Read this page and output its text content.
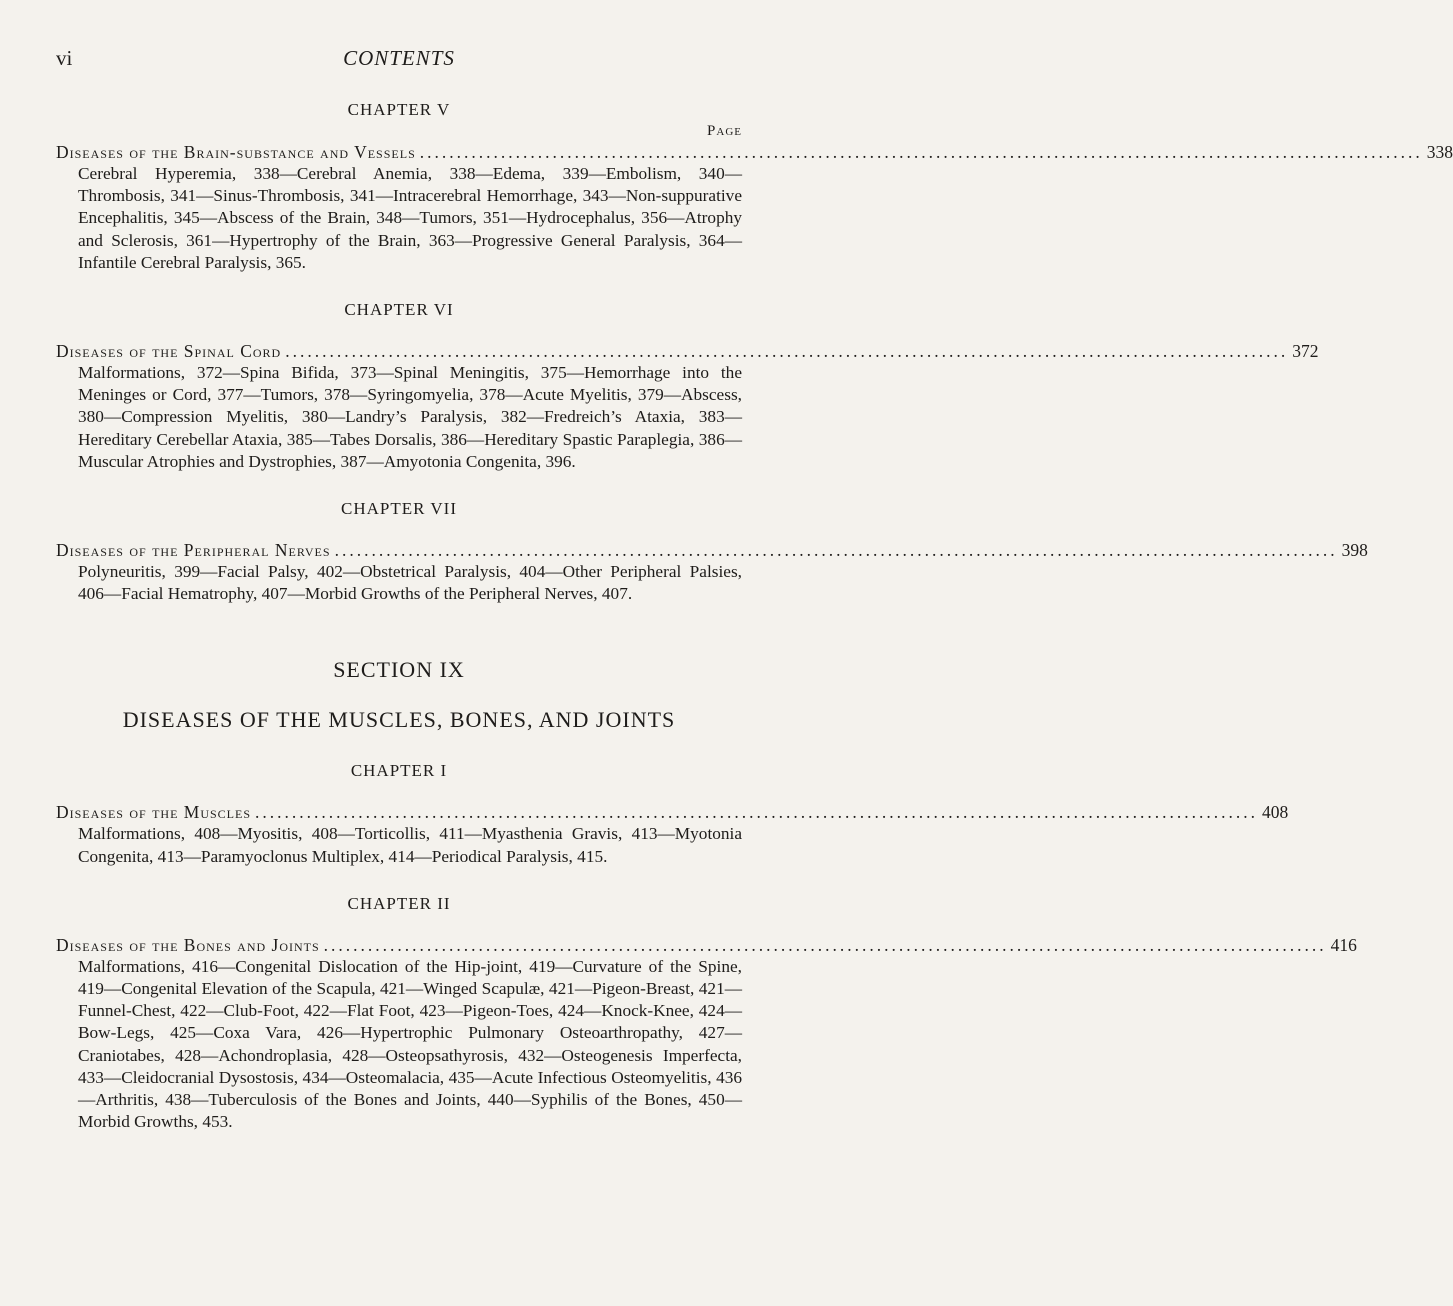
vi	CONTENTS

CHAPTER V

Page
Diseases of the Brain-substance and Vessels ........................................................................................................................................ 338

Cerebral Hyperemia, 338—Cerebral Anemia, 338—Edema, 339—Embolism, 340—Thrombosis, 341—Sinus-Thrombosis, 341—Intracerebral Hemorrhage, 343—Non-suppurative Encephalitis, 345—Abscess of the Brain, 348—Tumors, 351—Hydrocephalus, 356—Atrophy and Sclerosis, 361—Hypertrophy of the Brain, 363—Progressive General Paralysis, 364—Infantile Cerebral Paralysis, 365.

CHAPTER VI

Diseases of the Spinal Cord ........................................................................................................................................ 372

Malformations, 372—Spina Bifida, 373—Spinal Meningitis, 375—Hemorrhage into the Meninges or Cord, 377—Tumors, 378—Syringomyelia, 378—Acute Myelitis, 379—Abscess, 380—Compression Myelitis, 380—Landry’s Paralysis, 382—Fredreich’s Ataxia, 383—Hereditary Cerebellar Ataxia, 385—Tabes Dorsalis, 386—Hereditary Spastic Paraplegia, 386—Muscular Atrophies and Dystrophies, 387—Amyotonia Congenita, 396.

CHAPTER VII

Diseases of the Peripheral Nerves ........................................................................................................................................ 398

Polyneuritis, 399—Facial Palsy, 402—Obstetrical Paralysis, 404—Other Peripheral Palsies, 406—Facial Hematrophy, 407—Morbid Growths of the Peripheral Nerves, 407.

SECTION IX

DISEASES OF THE MUSCLES, BONES, AND JOINTS

CHAPTER I

Diseases of the Muscles ........................................................................................................................................ 408

Malformations, 408—Myositis, 408—Torticollis, 411—Myasthenia Gravis, 413—Myotonia Congenita, 413—Paramyoclonus Multiplex, 414—Periodical Paralysis, 415.

CHAPTER II

Diseases of the Bones and Joints ........................................................................................................................................ 416

Malformations, 416—Congenital Dislocation of the Hip-joint, 419—Curvature of the Spine, 419—Congenital Elevation of the Scapula, 421—Winged Scapulæ, 421—Pigeon-Breast, 421—Funnel-Chest, 422—Club-Foot, 422—Flat Foot, 423—Pigeon-Toes, 424—Knock-Knee, 424—Bow-Legs, 425—Coxa Vara, 426—Hypertrophic Pulmonary Osteoarthropathy, 427—Craniotabes, 428—Achondroplasia, 428—Osteopsathyrosis, 432—Osteogenesis Imperfecta, 433—Cleidocranial Dysostosis, 434—Osteomalacia, 435—Acute Infectious Osteomyelitis, 436—Arthritis, 438—Tuberculosis of the Bones and Joints, 440—Syphilis of the Bones, 450—Morbid Growths, 453.
